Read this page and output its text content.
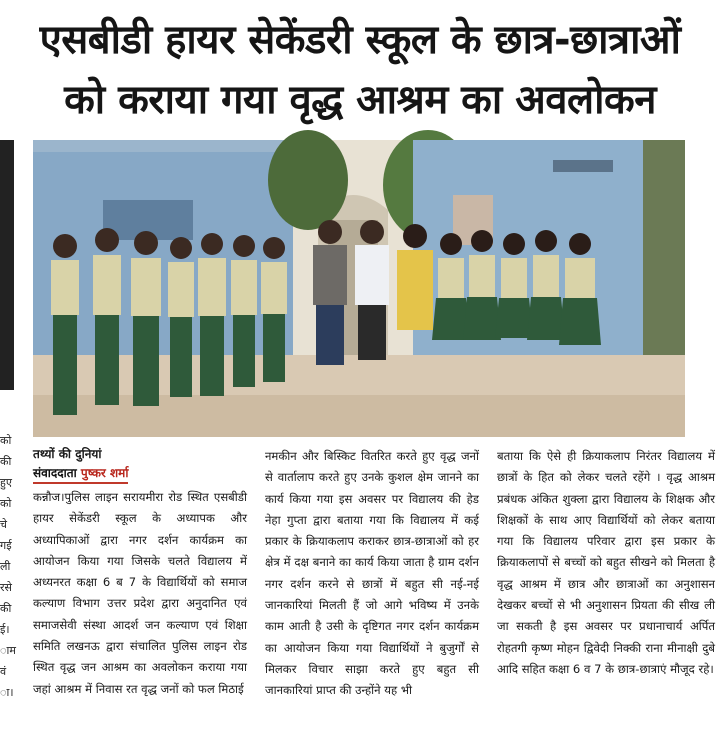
एसबीडी हायर सेकेंडरी स्कूल के छात्र-छात्राओं
को कराया गया वृद्ध आश्रम का अवलोकन
को
की
हुए
को
चे
गई
ली
रसे
की
ई।
ाम
वं
ा।
तथ्यों की दुनियां
संवाददाता पुष्कर शर्मा

कन्नौज।पुलिस लाइन सरायमीरा रोड स्थित एसबीडी हायर सेकेंडरी स्कूल के अध्यापक और अध्यापिकाओं द्वारा नगर दर्शन कार्यक्रम का आयोजन किया गया जिसके चलते विद्यालय में अध्यनरत कक्षा 6 ब 7 के विद्यार्थियों को समाज कल्याण विभाग उत्तर प्रदेश द्वारा अनुदानित एवं समाजसेवी संस्था आदर्श जन कल्याण एवं शिक्षा समिति लखनऊ द्वारा संचालित पुलिस लाइन रोड स्थित वृद्ध जन आश्रम का अवलोकन कराया गया जहां आश्रम में निवास रत वृद्ध जनों को फल मिठाई

नमकीन और बिस्किट वितरित करते हुए वृद्ध जनों से वार्तालाप करते हुए उनके कुशल क्षेम जानने का कार्य किया गया इस अवसर पर विद्यालय की हेड नेहा गुप्ता द्वारा बताया गया कि विद्यालय में कई प्रकार के क्रियाकलाप कराकर छात्र-छात्राओं को हर क्षेत्र में दक्ष बनाने का कार्य किया जाता है ग्राम दर्शन नगर दर्शन करने से छात्रों में बहुत सी नई-नई जानकारियां मिलती हैं जो आगे भविष्य में उनके काम आती है उसी के दृष्टिगत नगर दर्शन कार्यक्रम का आयोजन किया गया विद्यार्थियों ने बुजुर्गों से मिलकर विचार साझा करते हुए बहुत सी जानकारियां प्राप्त की उन्होंने यह भी

बताया कि ऐसे ही क्रियाकलाप निरंतर विद्यालय में छात्रों के हित को लेकर चलते रहेंगे । वृद्ध आश्रम प्रबंधक अंकित शुक्ला द्वारा विद्यालय के शिक्षक और शिक्षकों के साथ आए विद्यार्थियों को लेकर बताया गया कि विद्यालय परिवार द्वारा इस प्रकार के क्रियाकलापों से बच्चों को बहुत सीखने को मिलता है वृद्ध आश्रम में छात्र और छात्राओं का अनुशासन देखकर बच्चों से भी अनुशासन प्रियता की सीख ली जा सकती है इस अवसर पर प्रधानाचार्य अर्पित रोहतगी कृष्ण मोहन द्विवेदी निक्की राना मीनाक्षी दुबे आदि सहित कक्षा 6 व 7 के छात्र-छात्राएं मौजूद रहे।
